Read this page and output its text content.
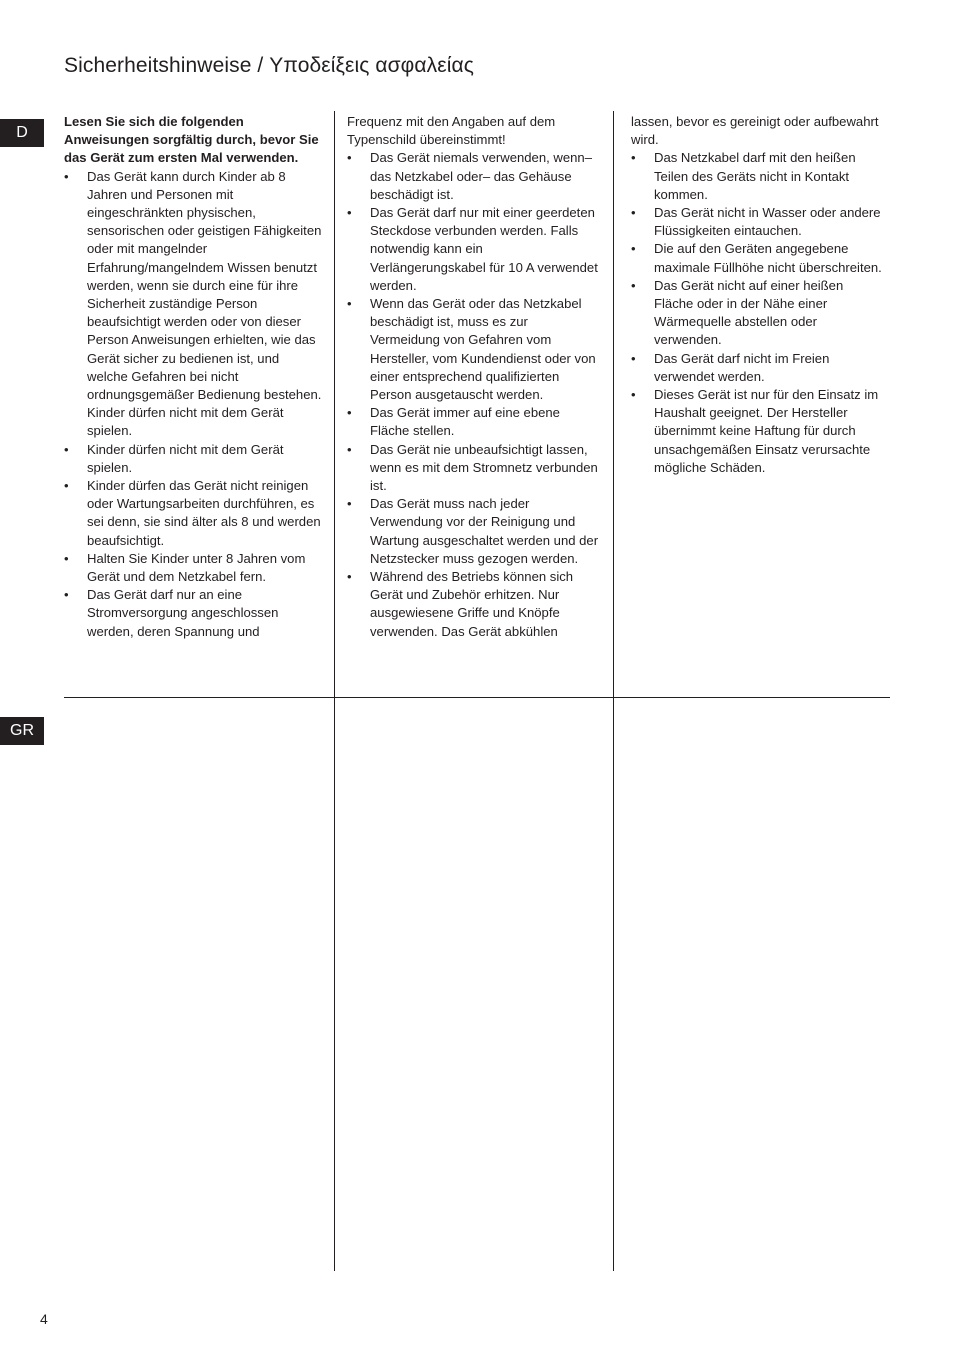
Sicherheitshinweise / Υποδείξεις ασφαλείας
D
GR

Lesen Sie sich die folgenden Anweisungen sorgfältig durch, bevor Sie das Gerät zum ersten Mal verwenden.

• Das Gerät kann durch Kinder ab 8 Jahren und Personen mit eingeschränkten physischen, sensorischen oder geistigen Fähigkeiten oder mit mangelnder Erfahrung/mangelndem Wissen benutzt werden, wenn sie durch eine für ihre Sicherheit zuständige Person beaufsichtigt werden oder von dieser Person Anweisungen erhielten, wie das Gerät sicher zu bedienen ist, und welche Gefahren bei nicht ordnungsgemäßer Bedienung bestehen. Kinder dürfen nicht mit dem Gerät spielen.
• Kinder dürfen nicht mit dem Gerät spielen.
• Kinder dürfen das Gerät nicht reinigen oder Wartungsarbeiten durchführen, es sei denn, sie sind älter als 8 und werden beaufsichtigt.
• Halten Sie Kinder unter 8 Jahren vom Gerät und dem Netzkabel fern.
• Das Gerät darf nur an eine Stromversorgung angeschlossen werden, deren Spannung und

Frequenz mit den Angaben auf dem Typenschild übereinstimmt!

• Das Gerät niemals verwenden, wenn– das Netzkabel oder– das Gehäuse beschädigt ist.
• Das Gerät darf nur mit einer geerdeten Steckdose verbunden werden. Falls notwendig kann ein Verlängerungskabel für 10 A verwendet werden.
• Wenn das Gerät oder das Netzkabel beschädigt ist, muss es zur Vermeidung von Gefahren vom Hersteller, vom Kundendienst oder von einer entsprechend qualifizierten Person ausgetauscht werden.
• Das Gerät immer auf eine ebene Fläche stellen.
• Das Gerät nie unbeaufsichtigt lassen, wenn es mit dem Stromnetz verbunden ist.
• Das Gerät muss nach jeder Verwendung vor der Reinigung und Wartung ausgeschaltet werden und der Netzstecker muss gezogen werden.
• Während des Betriebs können sich Gerät und Zubehör erhitzen. Nur ausgewiesene Griffe und Knöpfe verwenden. Das Gerät abkühlen

lassen, bevor es gereinigt oder aufbewahrt wird.

• Das Netzkabel darf mit den heißen Teilen des Geräts nicht in Kontakt kommen.
• Das Gerät nicht in Wasser oder andere Flüssigkeiten eintauchen.
• Die auf den Geräten angegebene maximale Füllhöhe nicht überschreiten.
• Das Gerät nicht auf einer heißen Fläche oder in der Nähe einer Wärmequelle abstellen oder verwenden.
• Das Gerät darf nicht im Freien verwendet werden.
• Dieses Gerät ist nur für den Einsatz im Haushalt geeignet. Der Hersteller übernimmt keine Haftung für durch unsachgemäßen Einsatz verursachte mögliche Schäden.
4
